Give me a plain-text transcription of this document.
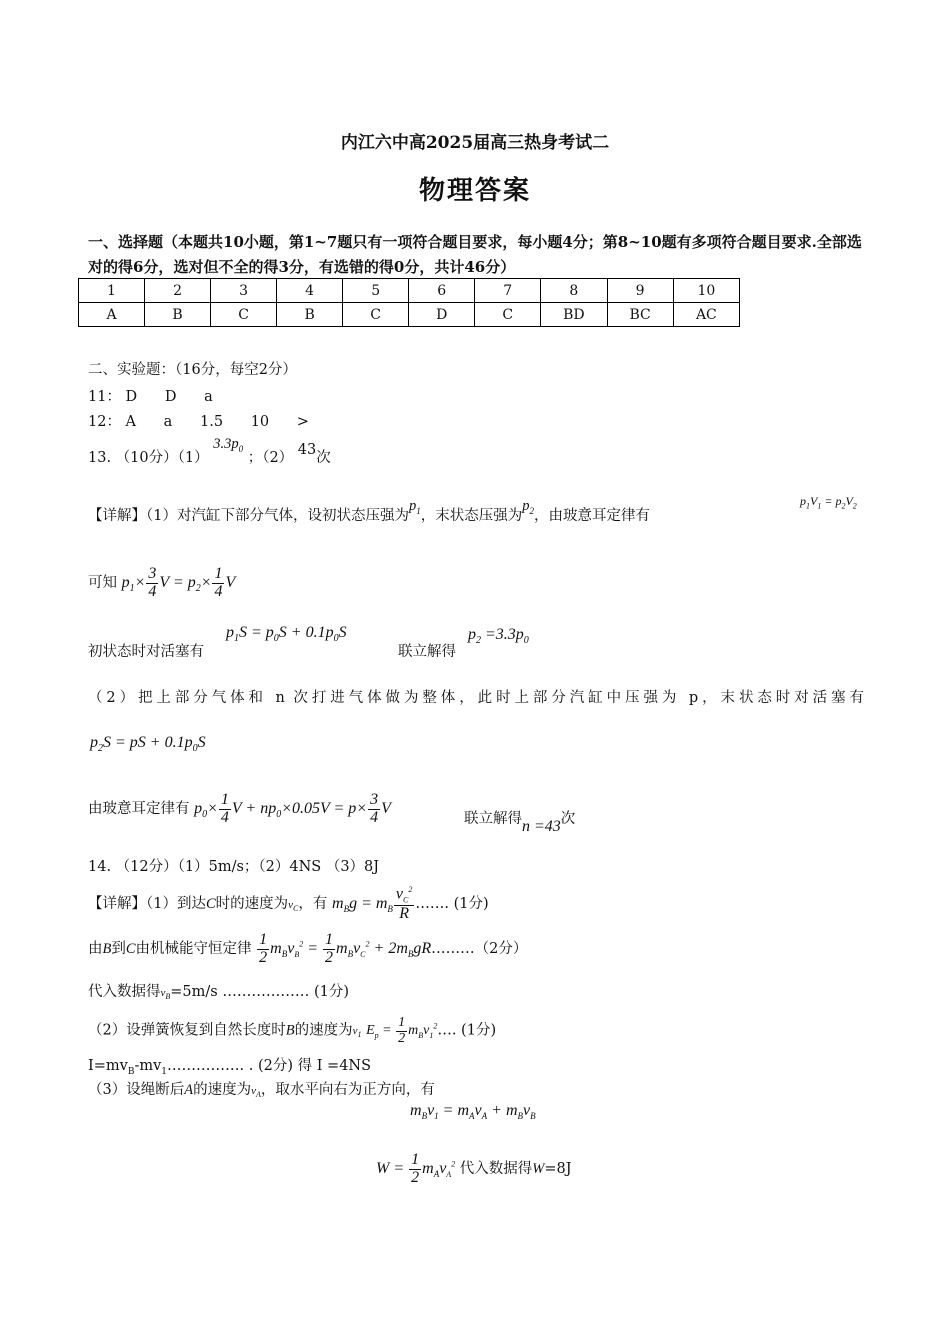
内江六中高2025届高三热身考试二
物理答案
一、选择题（本题共10小题，第1~7题只有一项符合题目要求，每小题4分；第8~10题有多项符合题目要求.全部选对的得6分，选对但不全的得3分，有选错的得0分，共计46分）
1	2	3	4	5	6	7	8	9	10
A	B	C	B	C	D	C	BD	BC	AC
二、实验题：（16分，每空2分）
11： D      D      a
12： A      a      1.5      10      >
13. （10分）（1） $3.3p_0$ ；（2） 43次
【详解】（1）对汽缸下部分气体，设初状态压强为$p_1$，末状态压强为$p_2$，由玻意耳定律有
$p_1V_1 = p_2V_2$
可知 $p_1\times \frac{3}{4}$ $V = p_2\times \frac{1}{4}$ V
$p_1S = p_0S + 0.1p_0S$
初状态时对活塞有	联立解得
$p_2 =3.3p_0$
（2）把上部分气体和 n 次打进气体做为整体，此时上部分汽缸中压强为 p，末状态时对活塞有
$p_2S$ = pS + $0.1p_0S$
由玻意耳定律有 $p_0\times \frac{1}{4}$ $V + np_0\times 0.05V = p\times \frac{3}{4}$ V
联立解得n =43次
14. （12分）（1）5m/s；（2）4NS （3）8J
【详解】（1）到达C时的速度为$v_C$，有 $m_Bg = m_B \frac{v_C^2}{R}$ ……. (1分)
由B到C由机械能守恒定律 $\frac{1}{2} m_Bv_B^2 = \frac{1}{2} m_Bv_C^2$ + $2m_BgR\dots\dots\dots(2$分）
代入数据得$v_B=5m/s$ ……………… (1分)
（2）设弹簧恢复到自然长度时B的速度为$v_1$ $E_p = \frac{1}{2}$ $m_Bv_1^2\dots$. (1分)
$I=mv_B-mv_1\dots\dots\dots\dots\dots$. . (2分) 得 I =4NS
（3）设绳断后A的速度为$v_A$，取水平向右为正方向，有
$m_Bv_1 = m_Av_A + m_Bv_B$
$W = \frac{1}{2} m_Av_A^2$ 代入数据得W=8J
